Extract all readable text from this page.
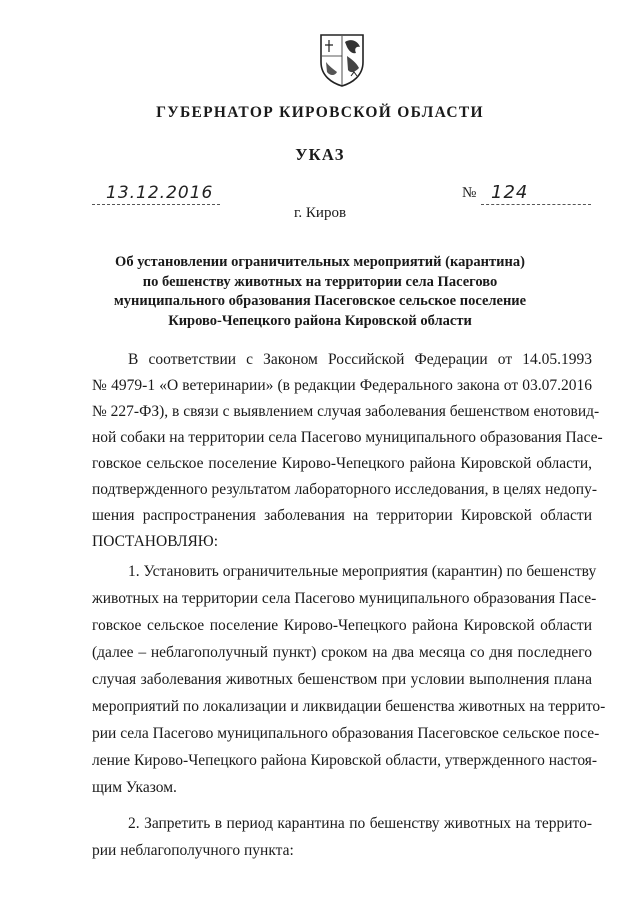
ГУБЕРНАТОР КИРОВСКОЙ ОБЛАСТИ
УКАЗ
13.12.2016	№ 124
г. Киров
Об установлении ограничительных мероприятий (карантина)
по бешенству животных на территории села Пасегово
муниципального образования Пасеговское сельское поселение
Кирово-Чепецкого района Кировской области
В соответствии с Законом Российской Федерации от 14.05.1993
№ 4979-1 «О ветеринарии» (в редакции Федерального закона от 03.07.2016
№ 227-ФЗ), в связи с выявлением случая заболевания бешенством енотовид-
ной собаки на территории села Пасегово муниципального образования Пасе-
говское сельское поселение Кирово-Чепецкого района Кировской области,
подтвержденного результатом лабораторного исследования, в целях недопу-
шения распространения заболевания на территории Кировской области
ПОСТАНОВЛЯЮ:
1. Установить ограничительные мероприятия (карантин) по бешенству
животных на территории села Пасегово муниципального образования Пасе-
говское сельское поселение Кирово-Чепецкого района Кировской области
(далее – неблагополучный пункт) сроком на два месяца со дня последнего
случая заболевания животных бешенством при условии выполнения плана
мероприятий по локализации и ликвидации бешенства животных на террито-
рии села Пасегово муниципального образования Пасеговское сельское посе-
ление Кирово-Чепецкого района Кировской области, утвержденного настоя-
щим Указом.
2. Запретить в период карантина по бешенству животных на террито-
рии неблагополучного пункта:
